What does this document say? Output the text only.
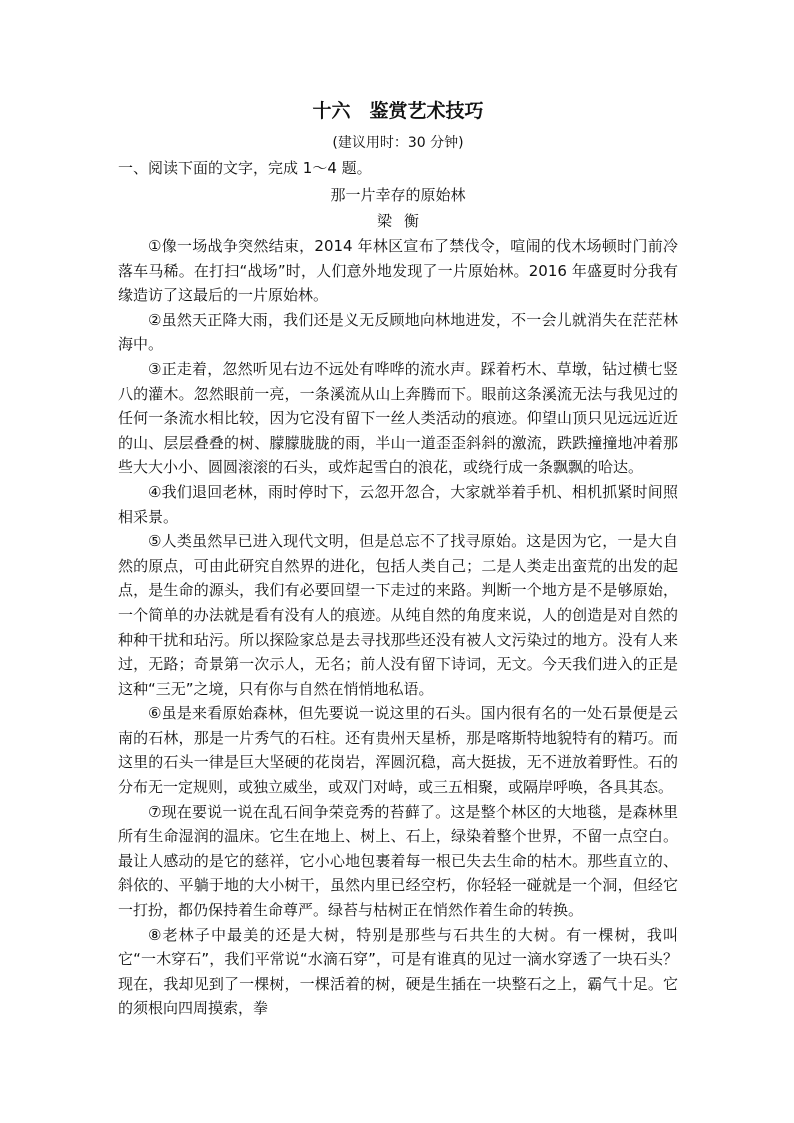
十六　鉴赏艺术技巧
(建议用时：30 分钟)

一、阅读下面的文字，完成 1～4 题。

那一片幸存的原始林
梁衡

①像一场战争突然结束，2014 年林区宣布了禁伐令，喧闹的伐木场顿时门前冷落车马稀。在打扫“战场”时，人们意外地发现了一片原始林。2016 年盛夏时分我有缘造访了这最后的一片原始林。

②虽然天正降大雨，我们还是义无反顾地向林地进发，不一会儿就消失在茫茫林海中。

③正走着，忽然听见右边不远处有哗哗的流水声。踩着朽木、草墩，钻过横七竖八的灌木。忽然眼前一亮，一条溪流从山上奔腾而下。眼前这条溪流无法与我见过的任何一条流水相比较，因为它没有留下一丝人类活动的痕迹。仰望山顶只见远远近近的山、层层叠叠的树、朦朦胧胧的雨，半山一道歪歪斜斜的激流，跌跌撞撞地冲着那些大大小小、圆圆滚滚的石头，或炸起雪白的浪花，或绕行成一条飘飘的哈达。

④我们退回老林，雨时停时下，云忽开忽合，大家就举着手机、相机抓紧时间照相采景。

⑤人类虽然早已进入现代文明，但是总忘不了找寻原始。这是因为它，一是大自然的原点，可由此研究自然界的进化，包括人类自己；二是人类走出蛮荒的出发的起点，是生命的源头，我们有必要回望一下走过的来路。判断一个地方是不是够原始，一个简单的办法就是看有没有人的痕迹。从纯自然的角度来说，人的创造是对自然的种种干扰和玷污。所以探险家总是去寻找那些还没有被人文污染过的地方。没有人来过，无路；奇景第一次示人，无名；前人没有留下诗词，无文。今天我们进入的正是这种“三无”之境，只有你与自然在悄悄地私语。

⑥虽是来看原始森林，但先要说一说这里的石头。国内很有名的一处石景便是云南的石林，那是一片秀气的石柱。还有贵州天星桥，那是喀斯特地貌特有的精巧。而这里的石头一律是巨大坚硬的花岗岩，浑圆沉稳，高大挺拔，无不迸放着野性。石的分布无一定规则，或独立威坐，或双门对峙，或三五相聚，或隔岸呼唤，各具其态。

⑦现在要说一说在乱石间争荣竞秀的苔藓了。这是整个林区的大地毯，是森林里所有生命湿润的温床。它生在地上、树上、石上，绿染着整个世界，不留一点空白。最让人感动的是它的慈祥，它小心地包裹着每一根已失去生命的枯木。那些直立的、斜依的、平躺于地的大小树干，虽然内里已经空朽，你轻轻一碰就是一个洞，但经它一打扮，都仍保持着生命尊严。绿苔与枯树正在悄然作着生命的转换。

⑧老林子中最美的还是大树，特别是那些与石共生的大树。有一棵树，我叫它“一木穿石”，我们平常说“水滴石穿”，可是有谁真的见过一滴水穿透了一块石头？现在，我却见到了一棵树，一棵活着的树，硬是生插在一块整石之上，霸气十足。它的须根向四周摸索，拳
